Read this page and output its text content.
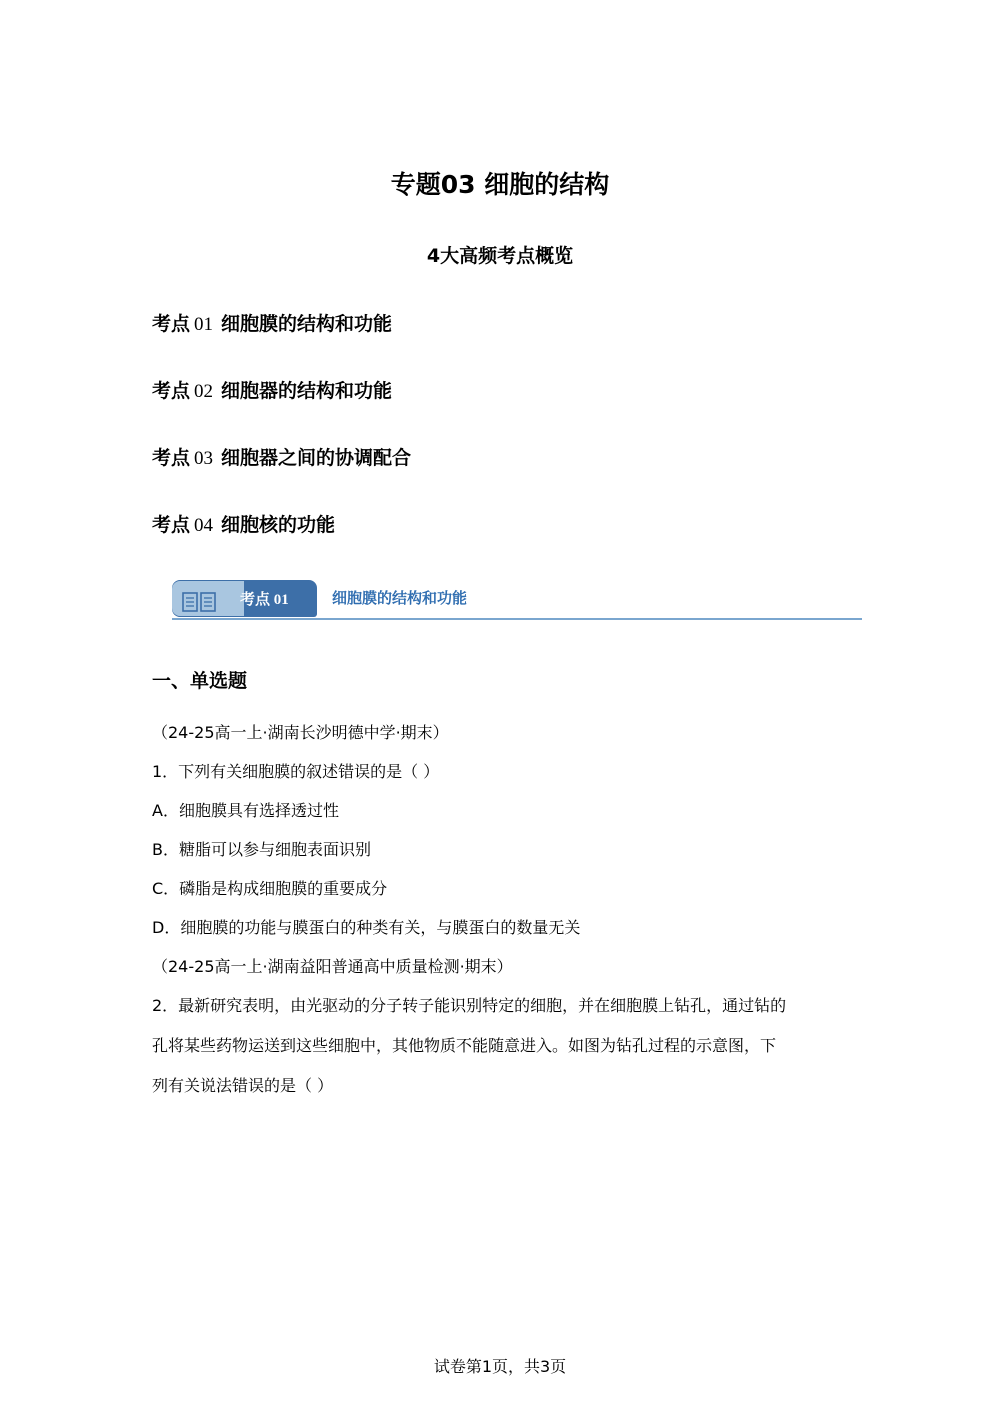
专题03 细胞的结构
4大高频考点概览
考点 01 细胞膜的结构和功能
考点 02 细胞器的结构和功能
考点 03 细胞器之间的协调配合
考点 04 细胞核的功能
考点 01	细胞膜的结构和功能
一、单选题
（24-25高一上·湖南长沙明德中学·期末）
1．下列有关细胞膜的叙述错误的是（ ）
A．细胞膜具有选择透过性
B．糖脂可以参与细胞表面识别
C．磷脂是构成细胞膜的重要成分
D．细胞膜的功能与膜蛋白的种类有关，与膜蛋白的数量无关
（24-25高一上·湖南益阳普通高中质量检测·期末）
2．最新研究表明，由光驱动的分子转子能识别特定的细胞，并在细胞膜上钻孔，通过钻的
孔将某些药物运送到这些细胞中，其他物质不能随意进入。如图为钻孔过程的示意图，下
列有关说法错误的是（ ）
试卷第1页，共3页
